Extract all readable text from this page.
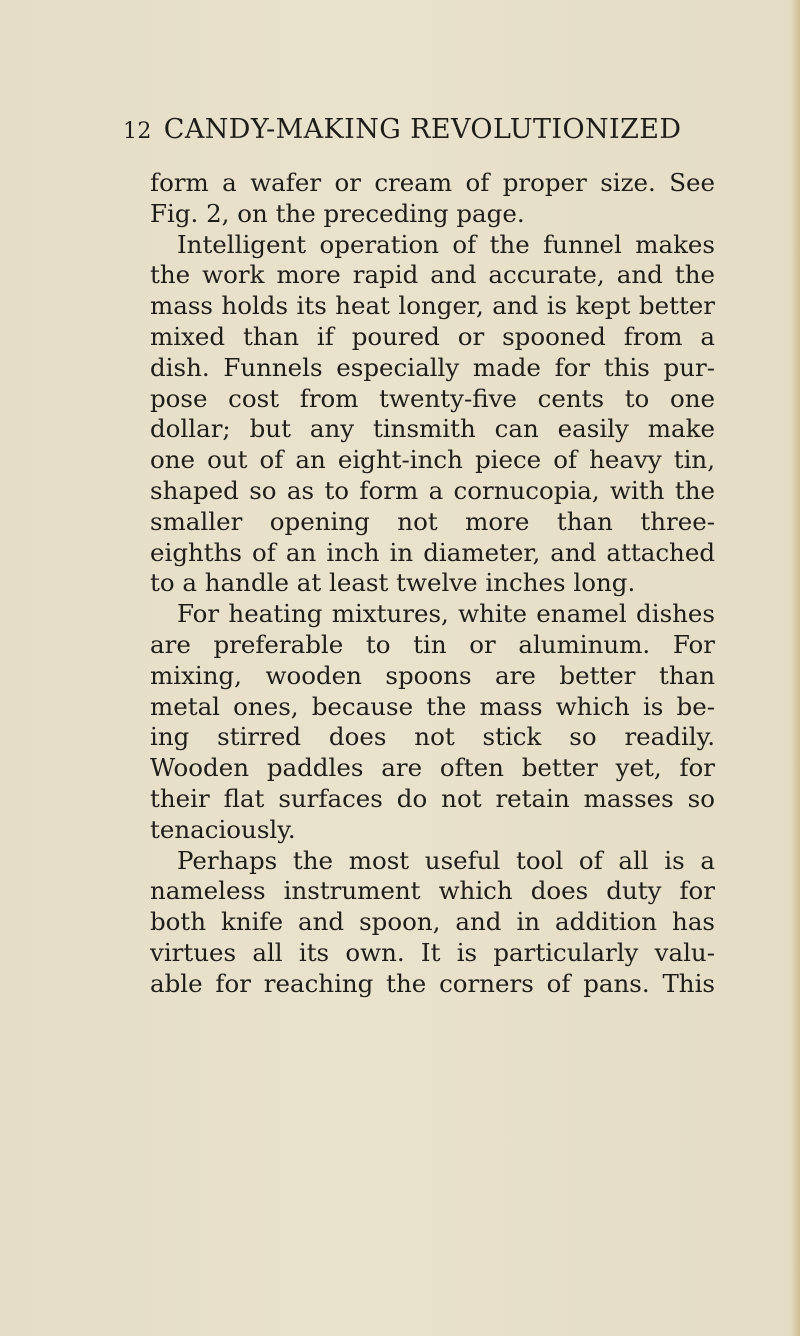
12 CANDY-MAKING REVOLUTIONIZED
form a wafer or cream of proper size. See
Fig. 2, on the preceding page.
Intelligent operation of the funnel makes
the work more rapid and accurate, and the
mass holds its heat longer, and is kept better
mixed than if poured or spooned from a
dish. Funnels especially made for this pur-
pose cost from twenty-five cents to one
dollar; but any tinsmith can easily make
one out of an eight-inch piece of heavy tin,
shaped so as to form a cornucopia, with the
smaller opening not more than three-
eighths of an inch in diameter, and attached
to a handle at least twelve inches long.
For heating mixtures, white enamel dishes
are preferable to tin or aluminum. For
mixing, wooden spoons are better than
metal ones, because the mass which is be-
ing stirred does not stick so readily.
Wooden paddles are often better yet, for
their flat surfaces do not retain masses so
tenaciously.
Perhaps the most useful tool of all is a
nameless instrument which does duty for
both knife and spoon, and in addition has
virtues all its own. It is particularly valu-
able for reaching the corners of pans. This
